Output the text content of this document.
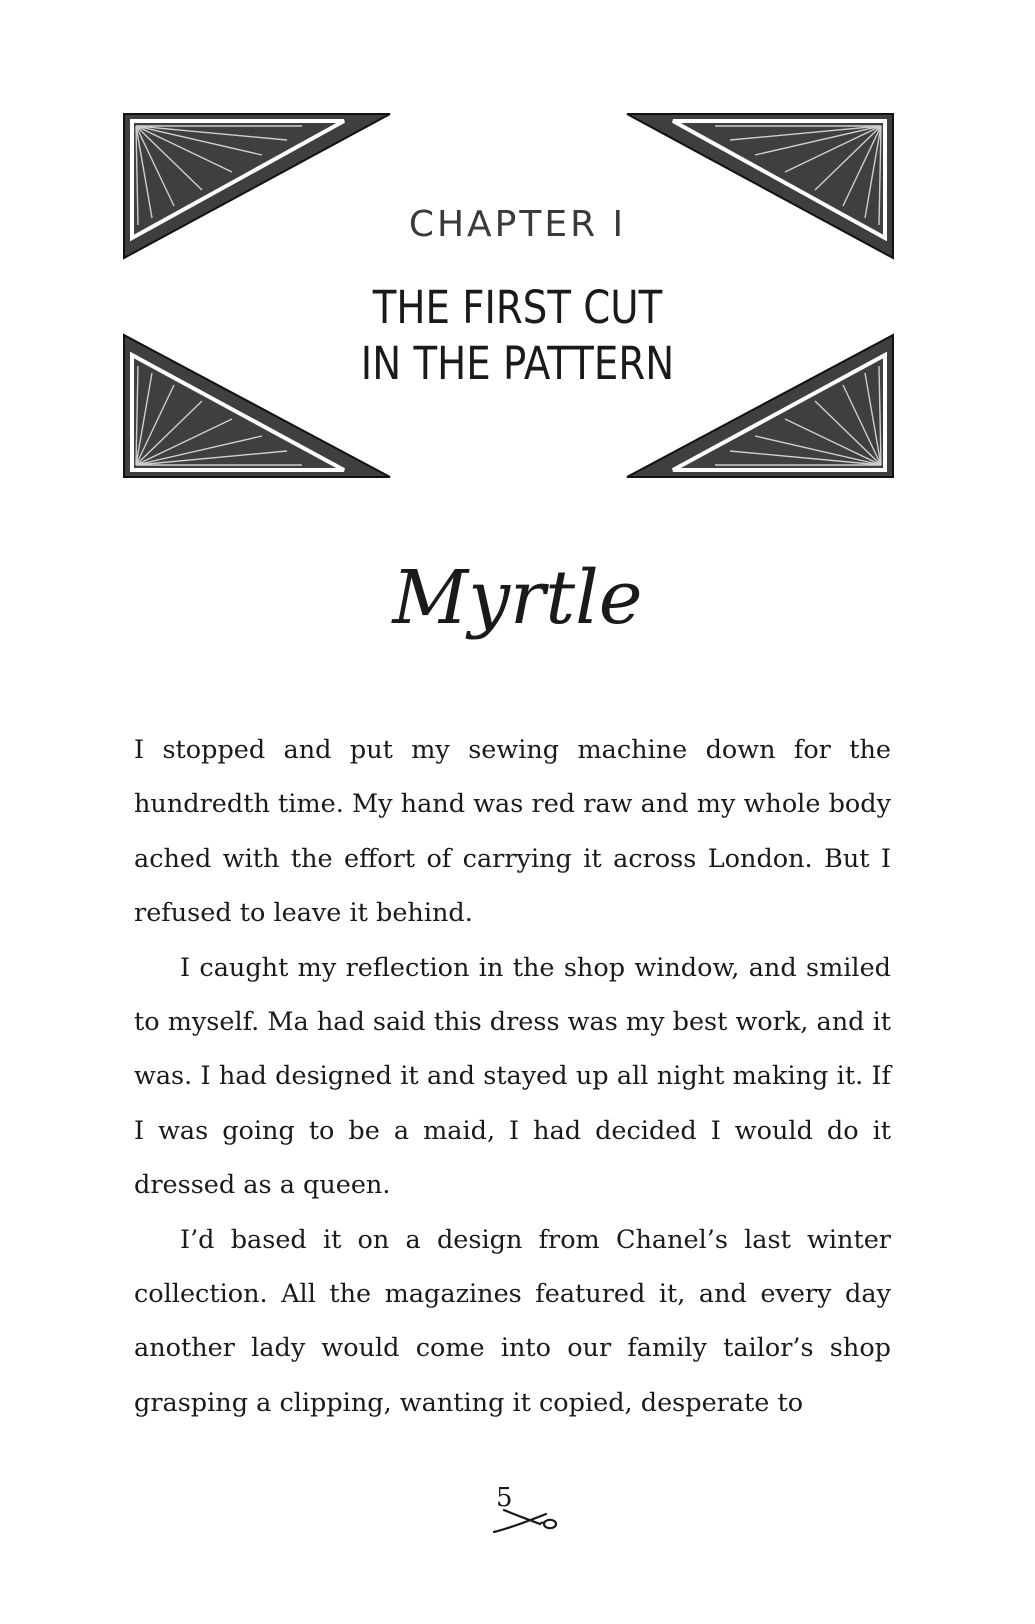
CHAPTER I
THE FIRST CUT
IN THE PATTERN
Myrtle

I stopped and put my sewing machine down for the hundredth time. My hand was red raw and my whole body ached with the effort of carrying it across London. But I refused to leave it behind.

I caught my reflection in the shop window, and smiled to myself. Ma had said this dress was my best work, and it was. I had designed it and stayed up all night making it. If I was going to be a maid, I had decided I would do it dressed as a queen.

I’d based it on a design from Chanel’s last winter collection. All the magazines featured it, and every day another lady would come into our family tailor’s shop grasping a clipping, wanting it copied, desperate to

5
